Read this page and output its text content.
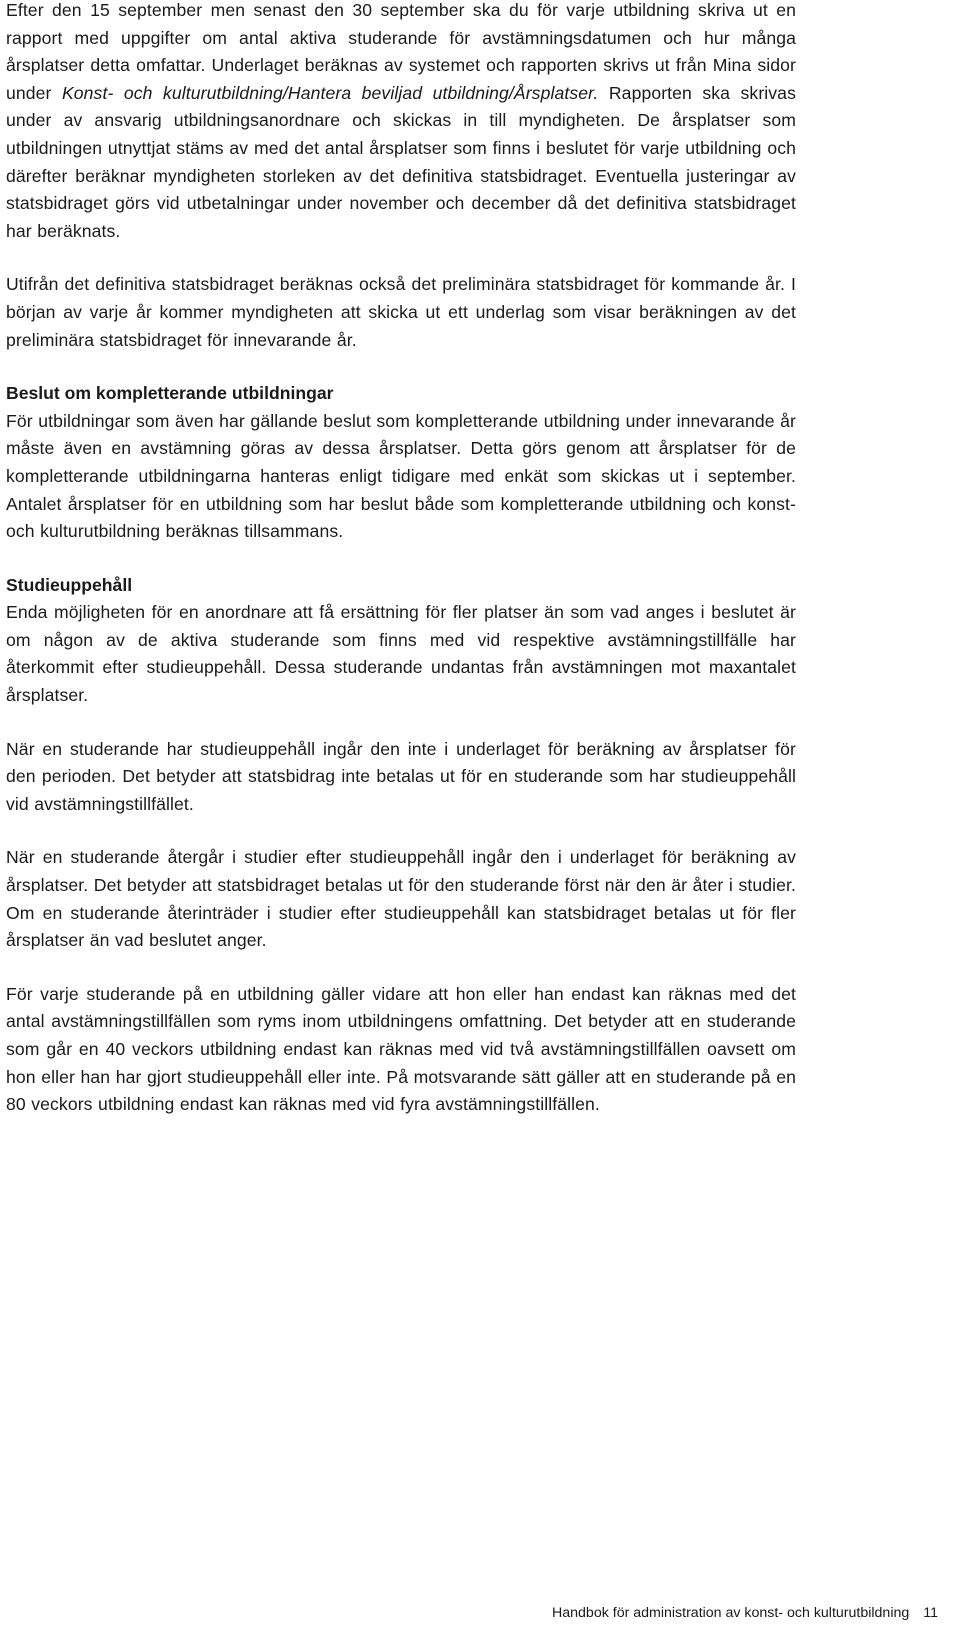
Efter den 15 september men senast den 30 september ska du för varje utbildning skriva ut en rapport med uppgifter om antal aktiva studerande för avstämningsdatumen och hur många årsplatser detta omfattar. Underlaget beräknas av systemet och rapporten skrivs ut från Mina sidor under Konst- och kulturutbildning/Hantera beviljad utbildning/Årsplatser. Rapporten ska skrivas under av ansvarig utbildningsanordnare och skickas in till myndigheten. De årsplatser som utbildningen utnyttjat stäms av med det antal årsplatser som finns i beslutet för varje utbildning och därefter beräknar myndigheten storleken av det definitiva statsbidraget. Eventuella justeringar av statsbidraget görs vid utbetalningar under november och december då det definitiva statsbidraget har beräknats.

Utifrån det definitiva statsbidraget beräknas också det preliminära statsbidraget för kommande år. I början av varje år kommer myndigheten att skicka ut ett underlag som visar beräkningen av det preliminära statsbidraget för innevarande år.

Beslut om kompletterande utbildningar

För utbildningar som även har gällande beslut som kompletterande utbildning under innevarande år måste även en avstämning göras av dessa årsplatser. Detta görs genom att årsplatser för de kompletterande utbildningarna hanteras enligt tidigare med enkät som skickas ut i september. Antalet årsplatser för en utbildning som har beslut både som kompletterande utbildning och konst- och kulturutbildning beräknas tillsammans.

Studieuppehåll

Enda möjligheten för en anordnare att få ersättning för fler platser än som vad anges i beslutet är om någon av de aktiva studerande som finns med vid respektive avstämningstillfälle har återkommit efter studieuppehåll. Dessa studerande undantas från avstämningen mot maxantalet årsplatser.

När en studerande har studieuppehåll ingår den inte i underlaget för beräkning av årsplatser för den perioden. Det betyder att statsbidrag inte betalas ut för en studerande som har studieuppehåll vid avstämningstillfället.

När en studerande återgår i studier efter studieuppehåll ingår den i underlaget för beräkning av årsplatser. Det betyder att statsbidraget betalas ut för den studerande först när den är åter i studier. Om en studerande återinträder i studier efter studieuppehåll kan statsbidraget betalas ut för fler årsplatser än vad beslutet anger.

För varje studerande på en utbildning gäller vidare att hon eller han endast kan räknas med det antal avstämningstillfällen som ryms inom utbildningens omfattning. Det betyder att en studerande som går en 40 veckors utbildning endast kan räknas med vid två avstämningstillfällen oavsett om hon eller han har gjort studieuppehåll eller inte. På motsvarande sätt gäller att en studerande på en 80 veckors utbildning endast kan räknas med vid fyra avstämningstillfällen.

Handbok för administration av konst- och kulturutbildning 11
